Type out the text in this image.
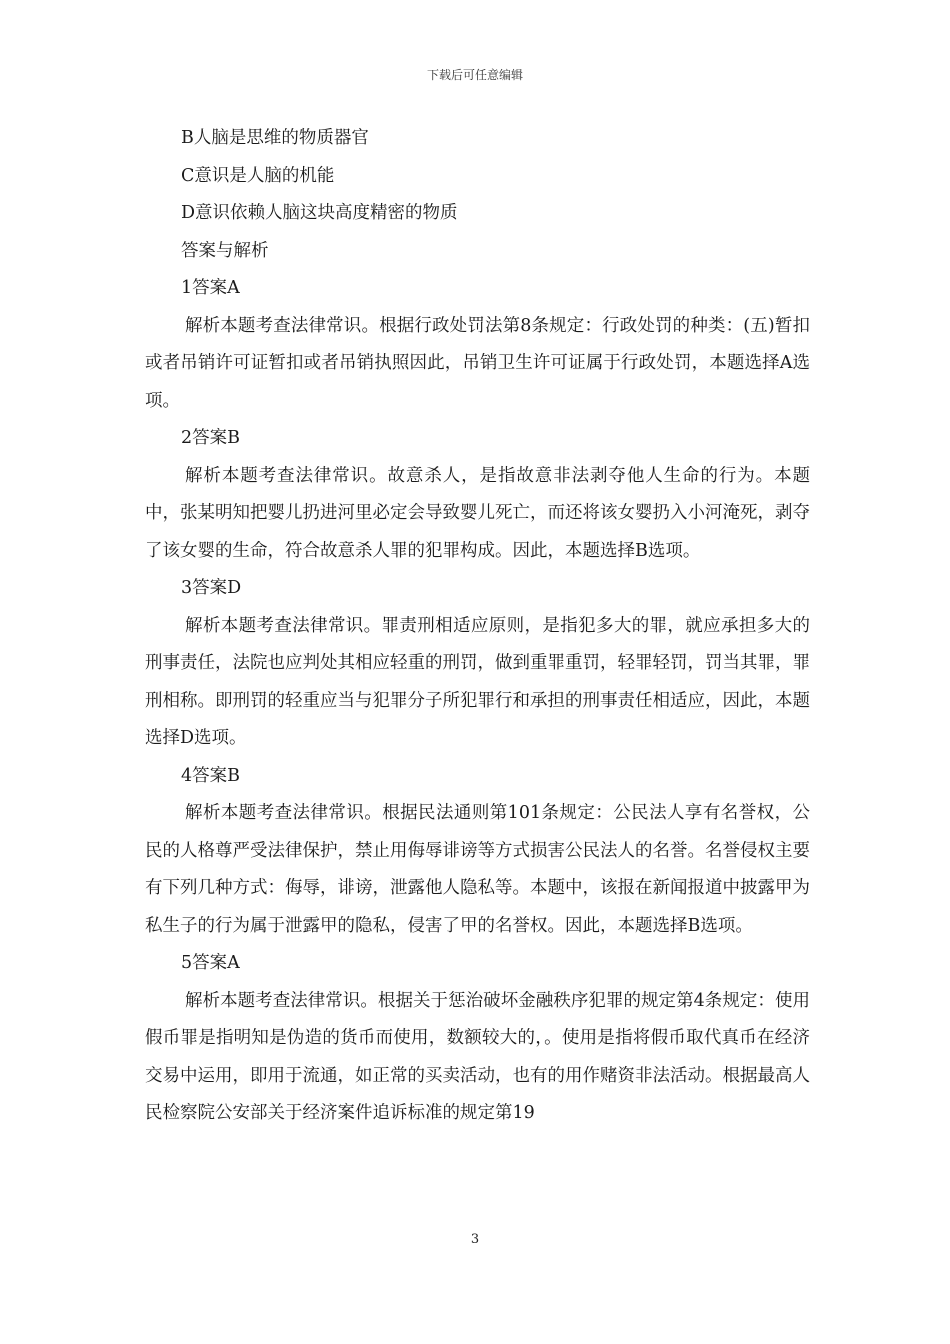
下载后可任意编辑

B人脑是思维的物质器官

C意识是人脑的机能

D意识依赖人脑这块高度精密的物质

答案与解析

1答案A

解析本题考查法律常识。根据行政处罚法第8条规定：行政处罚的种类：(五)暂扣或者吊销许可证暂扣或者吊销执照因此，吊销卫生许可证属于行政处罚，本题选择A选项。

2答案B

解析本题考查法律常识。故意杀人，是指故意非法剥夺他人生命的行为。本题中，张某明知把婴儿扔进河里必定会导致婴儿死亡，而还将该女婴扔入小河淹死，剥夺了该女婴的生命，符合故意杀人罪的犯罪构成。因此，本题选择B选项。

3答案D

解析本题考查法律常识。罪责刑相适应原则，是指犯多大的罪，就应承担多大的刑事责任，法院也应判处其相应轻重的刑罚，做到重罪重罚，轻罪轻罚，罚当其罪，罪刑相称。即刑罚的轻重应当与犯罪分子所犯罪行和承担的刑事责任相适应，因此，本题选择D选项。

4答案B

解析本题考查法律常识。根据民法通则第101条规定：公民法人享有名誉权，公民的人格尊严受法律保护，禁止用侮辱诽谤等方式损害公民法人的名誉。名誉侵权主要有下列几种方式：侮辱，诽谤，泄露他人隐私等。本题中，该报在新闻报道中披露甲为私生子的行为属于泄露甲的隐私，侵害了甲的名誉权。因此，本题选择B选项。

5答案A

解析本题考查法律常识。根据关于惩治破坏金融秩序犯罪的规定第4条规定：使用假币罪是指明知是伪造的货币而使用，数额较大的，。使用是指将假币取代真币在经济交易中运用，即用于流通，如正常的买卖活动，也有的用作赌资非法活动。根据最高人民检察院公安部关于经济案件追诉标准的规定第19

3
